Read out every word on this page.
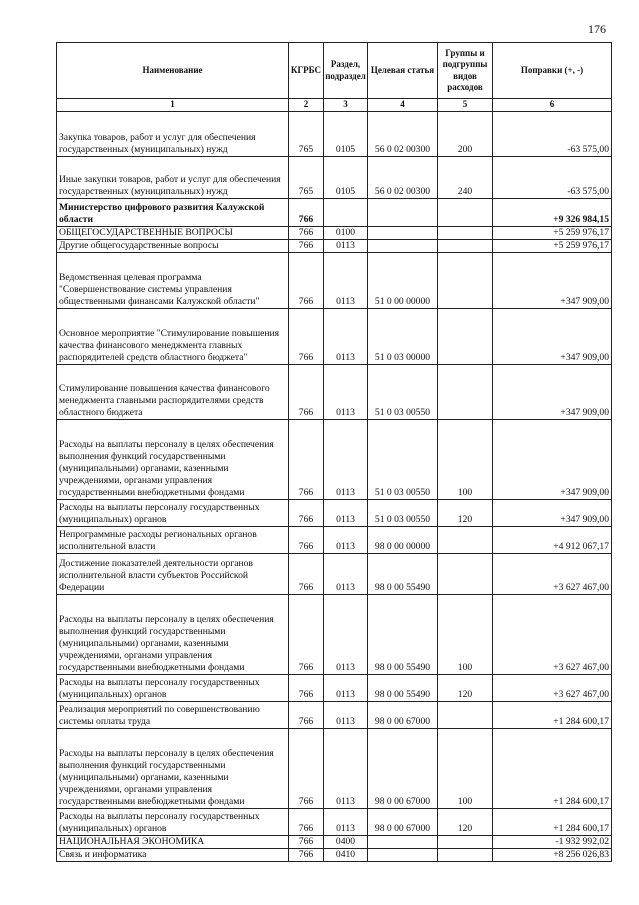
176
Наименование	КГРБС	Раздел, подраздел	Целевая статья	Группы и подгруппы видов расходов	Поправки (+, -)
1	2	3	4	5	6
Закупка товаров, работ и услуг для обеспечения государственных (муниципальных) нужд	765	0105	56 0 02 00300	200	-63 575,00
Иные закупки товаров, работ и услуг для обеспечения государственных (муниципальных) нужд	765	0105	56 0 02 00300	240	-63 575,00
Министерство цифрового развития Калужской области	766				+9 326 984,15
ОБЩЕГОСУДАРСТВЕННЫЕ ВОПРОСЫ	766	0100			+5 259 976,17
Другие общегосударственные вопросы	766	0113			+5 259 976,17
Ведомственная целевая программа "Совершенствование системы управления общественными финансами Калужской области"	766	0113	51 0 00 00000		+347 909,00
Основное мероприятие "Стимулирование повышения качества финансового менеджмента главных распорядителей средств областного бюджета"	766	0113	51 0 03 00000		+347 909,00
Стимулирование повышения качества финансового менеджмента главными распорядителями средств областного бюджета	766	0113	51 0 03 00550		+347 909,00
Расходы на выплаты персоналу в целях обеспечения выполнения функций государственными (муниципальными) органами, казенными учреждениями, органами управления государственными внебюджетными фондами	766	0113	51 0 03 00550	100	+347 909,00
Расходы на выплаты персоналу государственных (муниципальных) органов	766	0113	51 0 03 00550	120	+347 909,00
Непрограммные расходы региональных органов исполнительной власти	766	0113	98 0 00 00000		+4 912 067,17
Достижение показателей деятельности органов исполнительной власти субъектов Российской Федерации	766	0113	98 0 00 55490		+3 627 467,00
Расходы на выплаты персоналу в целях обеспечения выполнения функций государственными (муниципальными) органами, казенными учреждениями, органами управления государственными внебюджетными фондами	766	0113	98 0 00 55490	100	+3 627 467,00
Расходы на выплаты персоналу государственных (муниципальных) органов	766	0113	98 0 00 55490	120	+3 627 467,00
Реализация мероприятий по совершенствованию системы оплаты труда	766	0113	98 0 00 67000		+1 284 600,17
Расходы на выплаты персоналу в целях обеспечения выполнения функций государственными (муниципальными) органами, казенными учреждениями, органами управления государственными внебюджетными фондами	766	0113	98 0 00 67000	100	+1 284 600,17
Расходы на выплаты персоналу государственных (муниципальных) органов	766	0113	98 0 00 67000	120	+1 284 600,17
НАЦИОНАЛЬНАЯ ЭКОНОМИКА	766	0400			-1 932 992,02
Связь и информатика	766	0410			+8 256 026,83
